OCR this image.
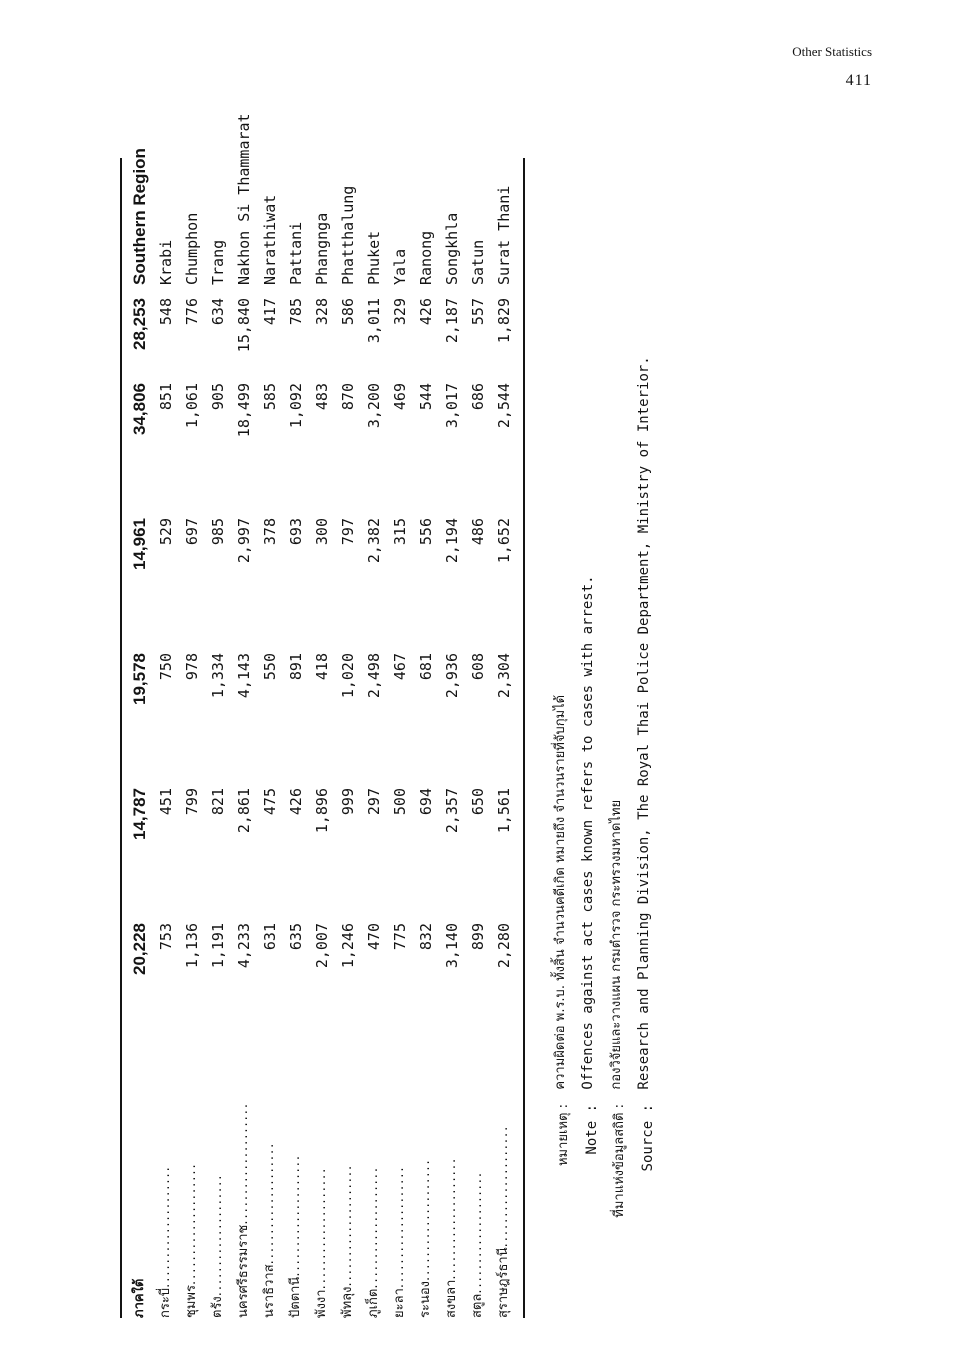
Other Statistics
411
ภาคใต้ กระบี่....................
ชุมพร....................
ตรัง.................... นครศรีธรรมราช....................
นราธิวาส....................
ปัตตานี....................
พังงา....................
พัทลุง....................
ภูเก็ต....................
ยะลา....................
ระนอง....................
สงขลา....................
สตูล.................... สุราษฎร์ธานี....................
20,228 753 1,136 1,191 4,233 631 635 2,007 1,246 470 775 832 3,140 899 2,280
14,787 451 799 821 2,861 475 426 1,896 999 297 500 694 2,357 650 1,561
19,578 750 978 1,334 4,143 550 891 418 1,020 2,498 467 681 2,936 608 2,304
14,961 529 697 985 2,997 378 693 300 797 2,382 315 556 2,194 486 1,652
34,806 851 1,061 905 18,499 585 1,092 483 870 3,200 469 544 3,017 686 2,544
28,253 548 776 634 15,840 417 785 328 586 3,011 329 426 2,187 557 1,829
Southern Region Krabi Chumphon Trang Nakhon Si Thammarat Narathiwat Pattani Phangnga Phatthalung Phuket Yala Ranong Songkhla Satun Surat Thani
หมายเหตุ :
ความผิดต่อ พ.ร.บ. ทั้งสิ้น จำนวนคดีเกิด หมายถึง จำนวนรายที่จับกุมได้
Note :
Offences against act cases known refers to cases with arrest.
ที่มาแห่งข้อมูลสถิติ :
กองวิจัยและวางแผน กรมตำรวจ กระทรวงมหาดไทย
Source :
Research and Planning Division, The Royal Thai Police Department, Ministry of Interior.
